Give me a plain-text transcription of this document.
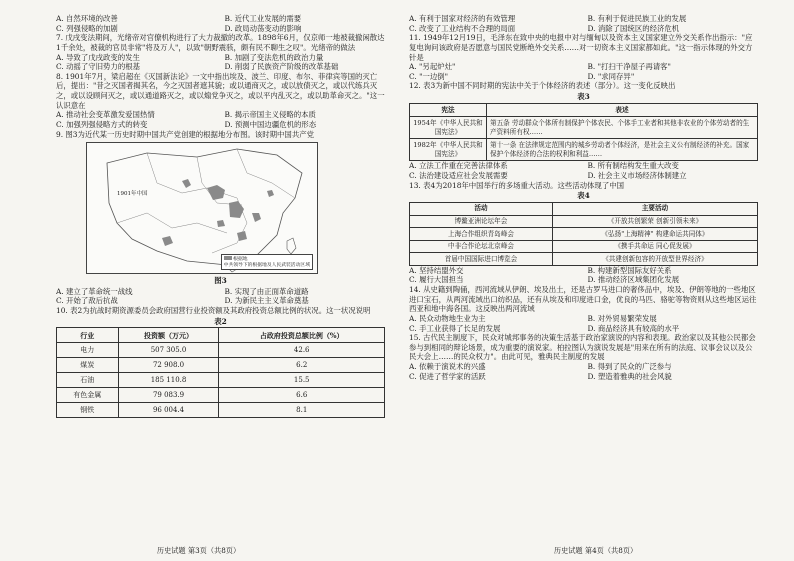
A. 自然环境的改善	B. 近代工业发展的需要
C. 列强侵略的加剧	D. 政局动荡变动的影响

7. 戊戌变法期间，光绪帝对官僚机构进行了大力裁撤的改革。1898年6月，仅京师一地被裁撤闲散达1千余处，被裁的官员非常"将及万人"，以致"朝野震骇，颇有民不聊生之叹"。光绪帝的做法

A. 导致了戊戌政变的发生	B. 加剧了变法危机的政治力量
C. 动摇了守旧势力的根基	D. 削弱了民族资产阶级的改革基础

8. 1901年7月，梁启超在《灭国新法论》一文中指出埃及、波兰、印度、布尔、菲律宾等国的灭亡后，提出："昔之灭国者揭其名，今之灭国者遮其貌；或以通商灭之，或以放债灭之，或以代练兵灭之，或以设顾问灭之，或以通道路灭之，或以煽党争灭之，或以平内乱灭之，或以助革命灭之。"这一认识意在

A. 推动社会变革激发爱国热情	B. 揭示帝国主义侵略的本质
C. 加强列强侵略方式的转变	D. 预测中国边疆危机的形态

9. 图3为近代某一历史时期中国共产党创建的根据地分布图。该时期中国共产党

1901年中国
根据地
中共领导下的根据地及人民武装活动区域
图3
A. 建立了革命统一战线	B. 实现了由正面革命道路
C. 开始了敌后抗战	D. 为新民主主义革命奠基

10. 表2为抗战时期资源委员会政府国营行业投资额及其政府投资总额比例的状况。这一状况说明

表2
行业	投资额（万元）	占政府投资总额比例（%）
电力	507 305.0	42.6
煤炭	72 908.0	6.2
石油	185 110.8	15.5
有色金属	79 083.9	6.6
钢铁	96 004.4	8.1
历史试题 第3页（共8页）
A. 有利于国家对经济的有效管理	B. 有利于促进民族工业的发展
C. 改变了工业结构不合理的局面	D. 消除了国统区的经济危机

11. 1949年12月19日，毛泽东在致中央的电报中对与缅甸以及资本主义国家建立外交关系作出指示："应复电询问该政府是否愿意与国民党断绝外交关系……对一切资本主义国家都如此。"这一指示体现的外交方针是

A. "另起炉灶"	B. "打扫干净屋子再请客"
C. "一边倒"	D. "求同存异"

12. 表3为新中国不同时期的宪法中关于个体经济的表述（部分）。这一变化反映出

表3
宪法	表述
1954年《中华人民共和国宪法》	第五条 劳动群众个体所有制保护个体农民、个体手工业者和其他非农业的个体劳动者的生产资料所有权……
1982年《中华人民共和国宪法》	第十一条 在法律规定范围内的城乡劳动者个体经济，是社会主义公有制经济的补充。国家保护个体经济的合法的权利和利益……
A. 立法工作重在完善法律体系	B. 所有制结构发生重大改变
C. 法治建设适应社会发展需要	D. 社会主义市场经济体制建立

13. 表4为2018年中国举行的多场重大活动。这些活动体现了中国

表4
活动	主要活动
博鳌亚洲论坛年会	《开放共创繁荣 创新引领未来》
上海合作组织青岛峰会	《弘扬"上海精神" 构建命运共同体》
中非合作论坛北京峰会	《携手共命运 同心促发展》
首届中国国际进口博览会	《共建创新包容的开放型世界经济》
A. 坚持结盟外交	B. 构建新型国际友好关系
C. 履行大国担当	D. 推动经济区域集团化发展

14. 从史籍到陶俑，西河流域从伊朗、埃及出土，还是古罗马进口的奢侈品中，埃及、伊朗等地的一些地区进口宝石，从两河流域出口纺织品，还有从埃及和印度进口金，优良的马匹、骆驼等物资则从这些地区运往西亚和地中海各国。这反映出两河流域

A. 民众动物地生业为主	B. 对外贸易繁荣发展
C. 手工业获得了长足的发展	D. 商品经济具有较高的水平

15. 古代民主制度下，民众对城邦事务的决策生活基于政治家演说的内容和表现。政治家以及其他公民都会参与到相同的辩论场景，成为重要的演说家。柏拉图认为演说发展是"用来在所有的法庭、议事会议以及公民大会上……的民众权力"。由此可见，雅典民主制度的发展

A. 依赖于演说术的兴盛	B. 得到了民众的广泛参与
C. 促进了哲学家的活跃	D. 塑造着雅典的社会风貌
历史试题 第4页（共8页）
